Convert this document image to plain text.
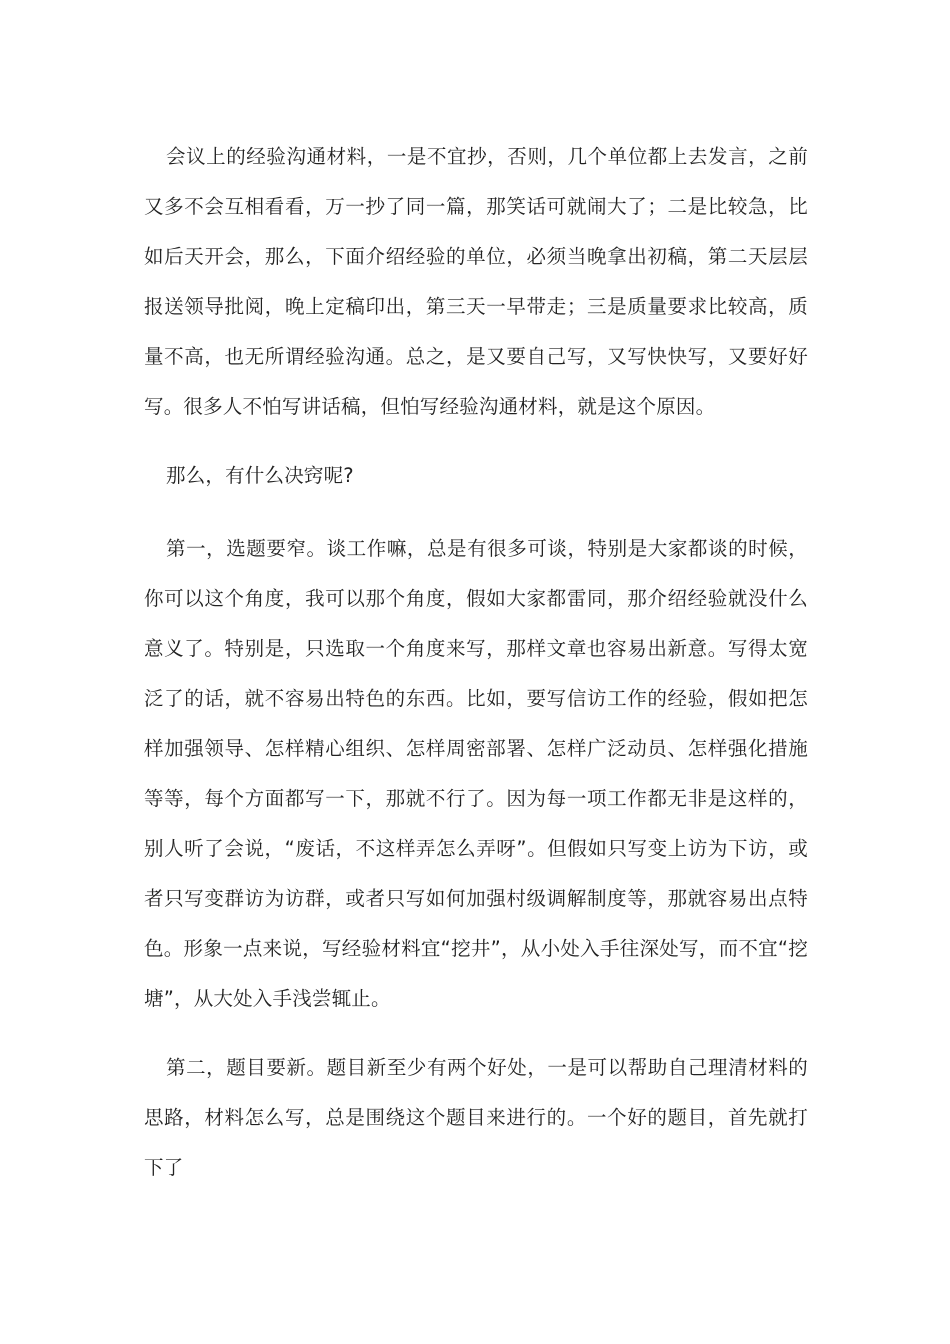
会议上的经验沟通材料，一是不宜抄，否则，几个单位都上去发言，之前又多不会互相看看，万一抄了同一篇，那笑话可就闹大了；二是比较急，比如后天开会，那么，下面介绍经验的单位，必须当晚拿出初稿，第二天层层报送领导批阅，晚上定稿印出，第三天一早带走；三是质量要求比较高，质量不高，也无所谓经验沟通。总之，是又要自己写，又写快快写，又要好好写。很多人不怕写讲话稿，但怕写经验沟通材料，就是这个原因。

那么，有什么决窍呢?

第一，选题要窄。谈工作嘛，总是有很多可谈，特别是大家都谈的时候，你可以这个角度，我可以那个角度，假如大家都雷同，那介绍经验就没什么意义了。特别是，只选取一个角度来写，那样文章也容易出新意。写得太宽泛了的话，就不容易出特色的东西。比如，要写信访工作的经验，假如把怎样加强领导、怎样精心组织、怎样周密部署、怎样广泛动员、怎样强化措施等等，每个方面都写一下，那就不行了。因为每一项工作都无非是这样的，别人听了会说，“废话，不这样弄怎么弄呀”。但假如只写变上访为下访，或者只写变群访为访群，或者只写如何加强村级调解制度等，那就容易出点特色。形象一点来说，写经验材料宜“挖井”，从小处入手往深处写，而不宜“挖塘”，从大处入手浅尝辄止。

第二，题目要新。题目新至少有两个好处，一是可以帮助自己理清材料的思路，材料怎么写，总是围绕这个题目来进行的。一个好的题目，首先就打下了
